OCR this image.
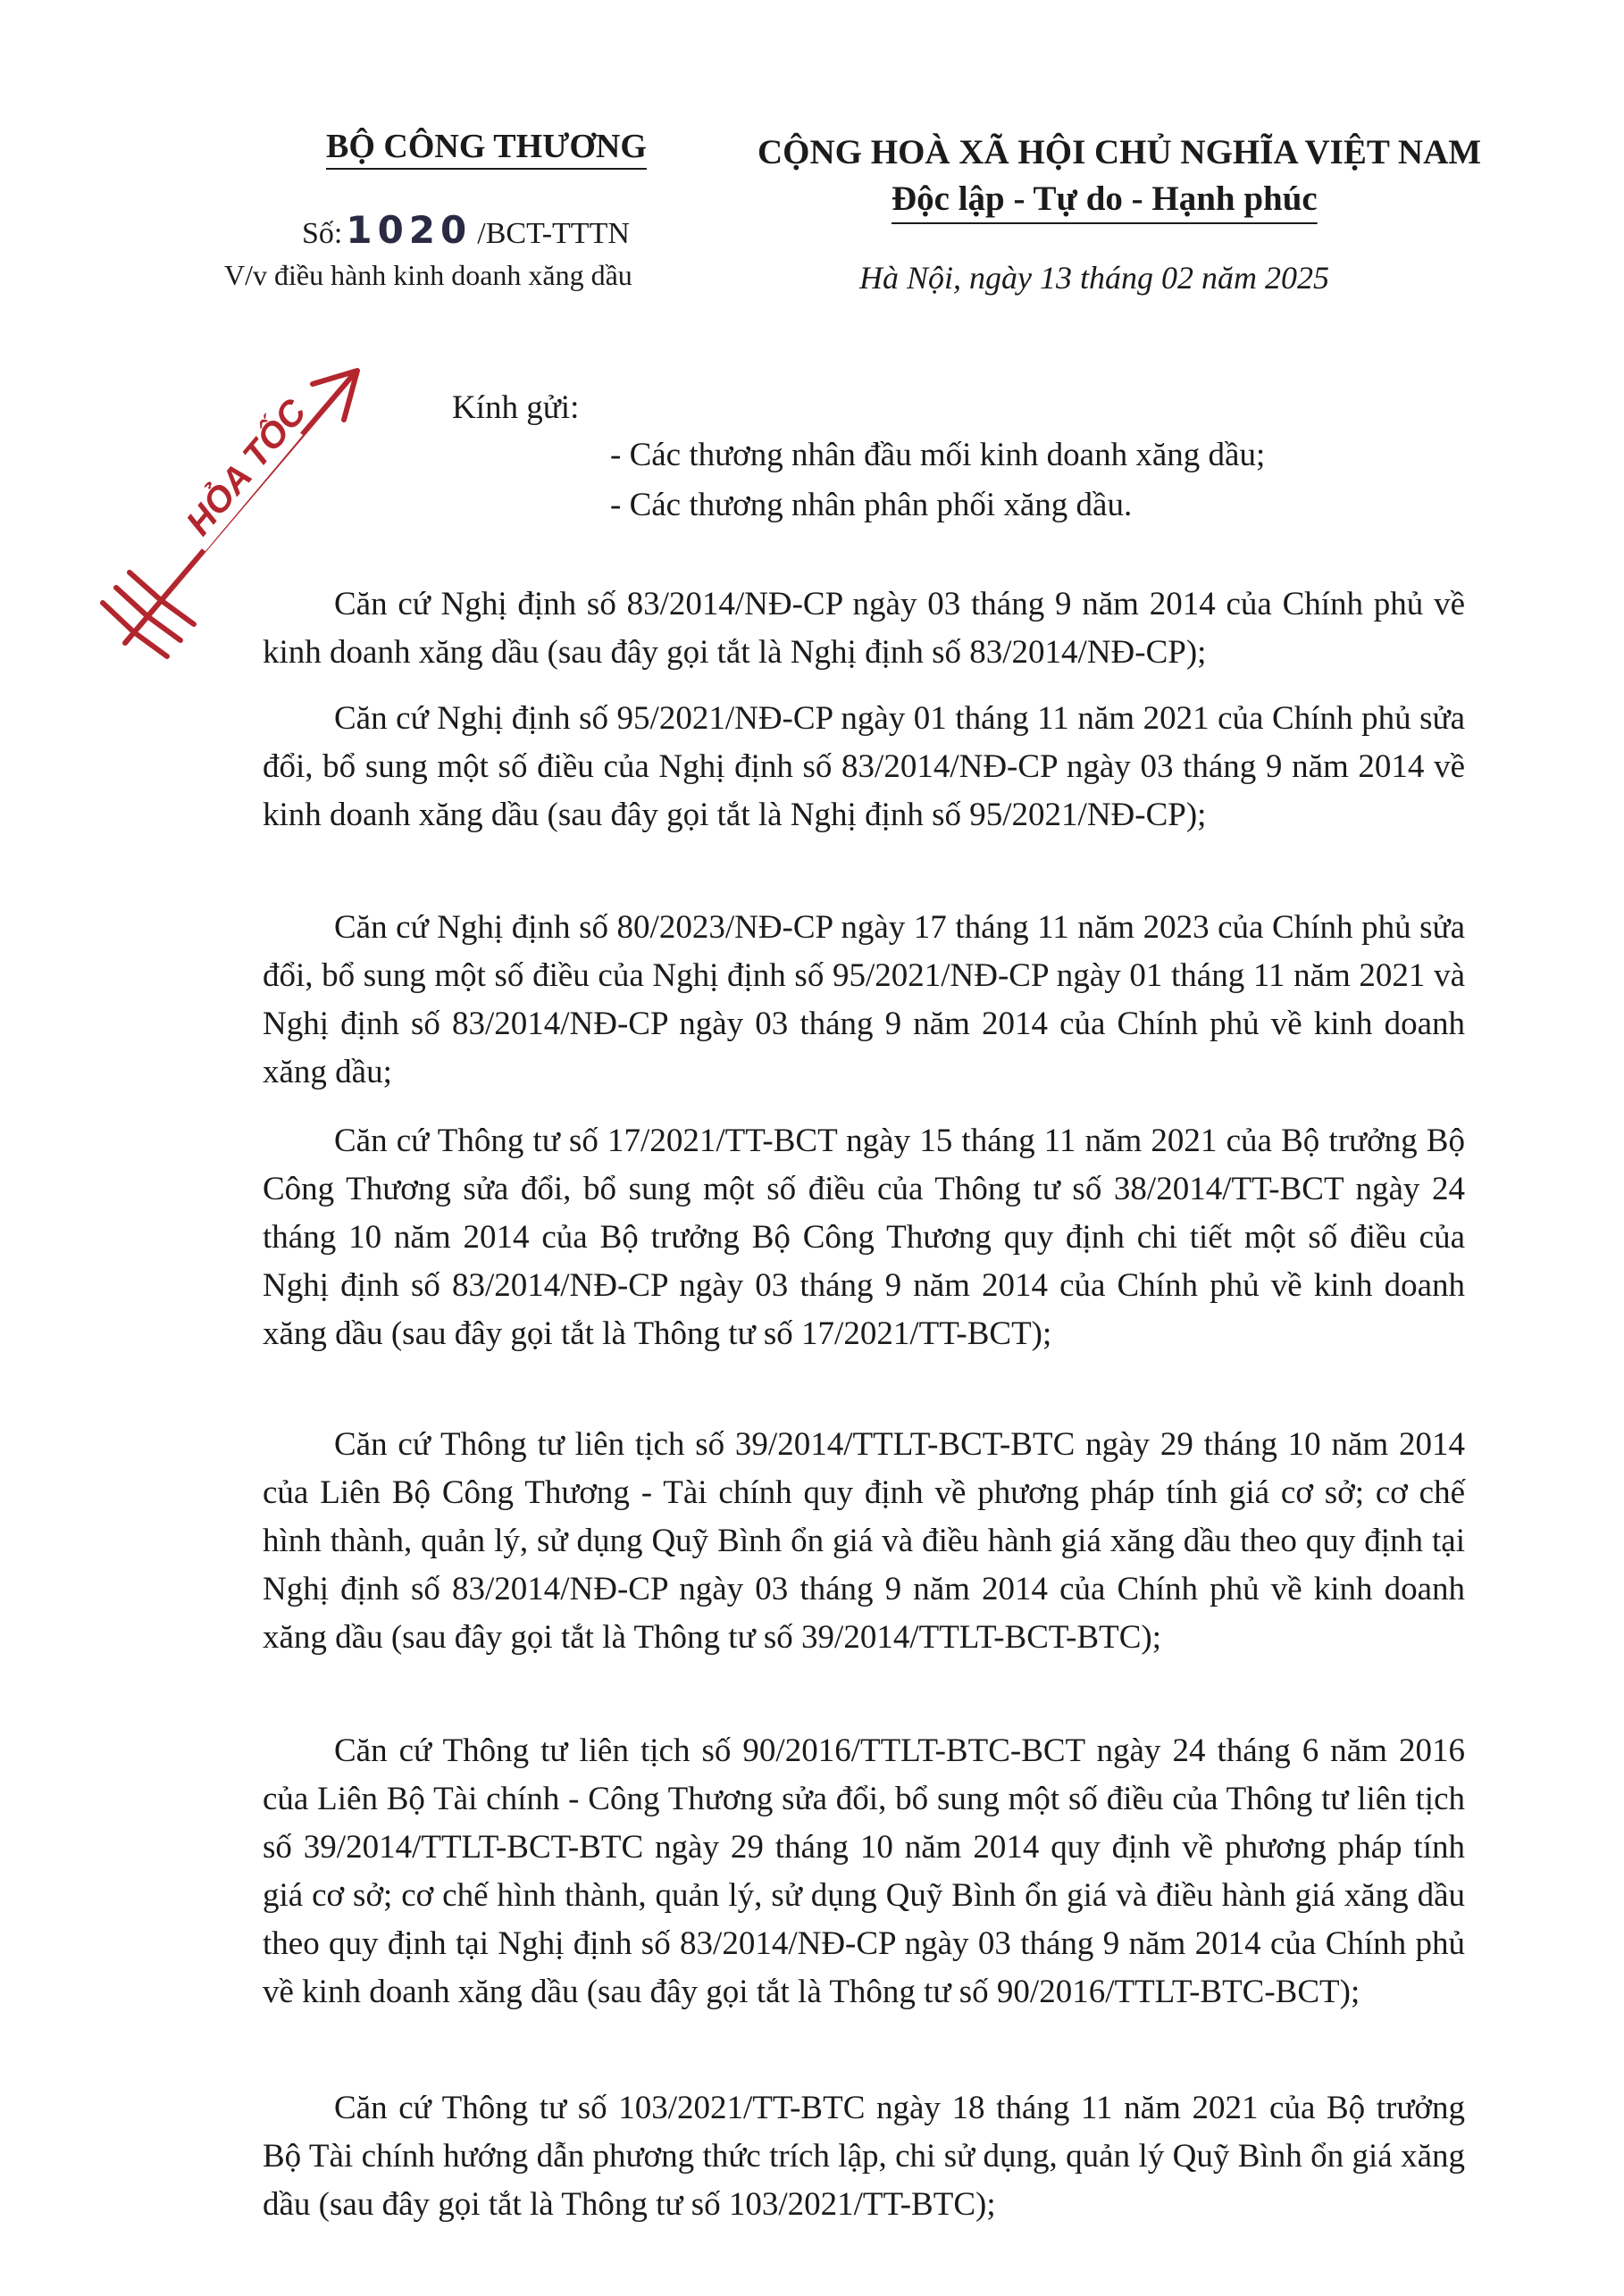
BỘ CÔNG THƯƠNG
Số:1020 /BCT-TTTN
V/v điều hành kinh doanh xăng dầu
CỘNG HOÀ XÃ HỘI CHỦ NGHĨA VIỆT NAM
Độc lập - Tự do - Hạnh phúc
Hà Nội, ngày 13 tháng 02 năm 2025
HỎA TỐC	Kính gửi:
- Các thương nhân đầu mối kinh doanh xăng dầu;
- Các thương nhân phân phối xăng dầu.

Căn cứ Nghị định số 83/2014/NĐ-CP ngày 03 tháng 9 năm 2014 của Chính phủ về kinh doanh xăng dầu (sau đây gọi tắt là Nghị định số 83/2014/NĐ-CP);

Căn cứ Nghị định số 95/2021/NĐ-CP ngày 01 tháng 11 năm 2021 của Chính phủ sửa đổi, bổ sung một số điều của Nghị định số 83/2014/NĐ-CP ngày 03 tháng 9 năm 2014 về kinh doanh xăng dầu (sau đây gọi tắt là Nghị định số 95/2021/NĐ-CP);

Căn cứ Nghị định số 80/2023/NĐ-CP ngày 17 tháng 11 năm 2023 của Chính phủ sửa đổi, bổ sung một số điều của Nghị định số 95/2021/NĐ-CP ngày 01 tháng 11 năm 2021 và Nghị định số 83/2014/NĐ-CP ngày 03 tháng 9 năm 2014 của Chính phủ về kinh doanh xăng dầu;

Căn cứ Thông tư số 17/2021/TT-BCT ngày 15 tháng 11 năm 2021 của Bộ trưởng Bộ Công Thương sửa đổi, bổ sung một số điều của Thông tư số 38/2014/TT-BCT ngày 24 tháng 10 năm 2014 của Bộ trưởng Bộ Công Thương quy định chi tiết một số điều của Nghị định số 83/2014/NĐ-CP ngày 03 tháng 9 năm 2014 của Chính phủ về kinh doanh xăng dầu (sau đây gọi tắt là Thông tư số 17/2021/TT-BCT);

Căn cứ Thông tư liên tịch số 39/2014/TTLT-BCT-BTC ngày 29 tháng 10 năm 2014 của Liên Bộ Công Thương - Tài chính quy định về phương pháp tính giá cơ sở; cơ chế hình thành, quản lý, sử dụng Quỹ Bình ổn giá và điều hành giá xăng dầu theo quy định tại Nghị định số 83/2014/NĐ-CP ngày 03 tháng 9 năm 2014 của Chính phủ về kinh doanh xăng dầu (sau đây gọi tắt là Thông tư số 39/2014/TTLT-BCT-BTC);

Căn cứ Thông tư liên tịch số 90/2016/TTLT-BTC-BCT ngày 24 tháng 6 năm 2016 của Liên Bộ Tài chính - Công Thương sửa đổi, bổ sung một số điều của Thông tư liên tịch số 39/2014/TTLT-BCT-BTC ngày 29 tháng 10 năm 2014 quy định về phương pháp tính giá cơ sở; cơ chế hình thành, quản lý, sử dụng Quỹ Bình ổn giá và điều hành giá xăng dầu theo quy định tại Nghị định số 83/2014/NĐ-CP ngày 03 tháng 9 năm 2014 của Chính phủ về kinh doanh xăng dầu (sau đây gọi tắt là Thông tư số 90/2016/TTLT-BTC-BCT);

Căn cứ Thông tư số 103/2021/TT-BTC ngày 18 tháng 11 năm 2021 của Bộ trưởng Bộ Tài chính hướng dẫn phương thức trích lập, chi sử dụng, quản lý Quỹ Bình ổn giá xăng dầu (sau đây gọi tắt là Thông tư số 103/2021/TT-BTC);
